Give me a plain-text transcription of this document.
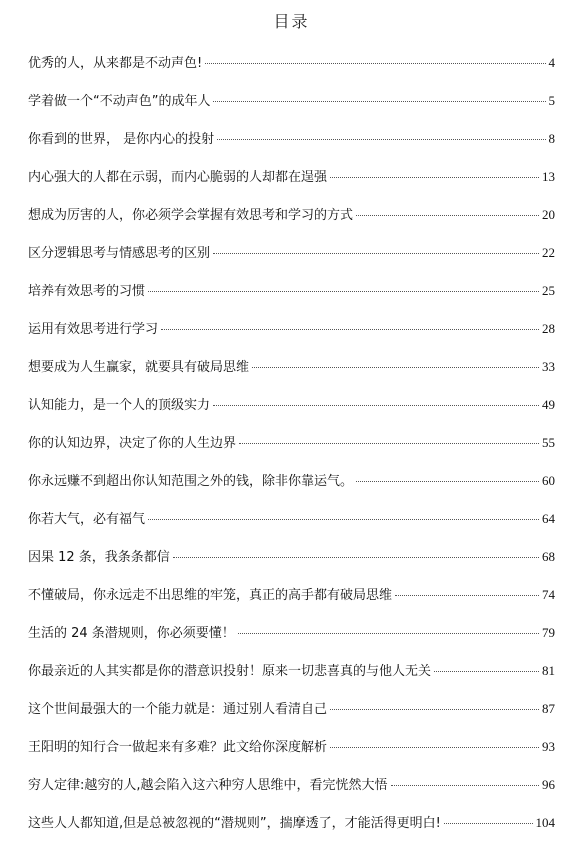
目录
优秀的人，从来都是不动声色!	4
学着做一个“不动声色”的成年人	5
你看到的世界， 是你内心的投射	8
内心强大的人都在示弱，而内心脆弱的人却都在逞强	13
想成为厉害的人，你必须学会掌握有效思考和学习的方式	20
区分逻辑思考与情感思考的区别	22
培养有效思考的习惯	25
运用有效思考进行学习	28
想要成为人生赢家，就要具有破局思维	33
认知能力，是一个人的顶级实力	49
你的认知边界，决定了你的人生边界	55
你永远赚不到超出你认知范围之外的钱，除非你靠运气。	60
你若大气，必有福气	64
因果 12 条，我条条都信	68
不懂破局，你永远走不出思维的牢笼，真正的高手都有破局思维	74
生活的 24 条潜规则，你必须要懂！	79
你最亲近的人其实都是你的潜意识投射！原来一切悲喜真的与他人无关	81
这个世间最强大的一个能力就是：通过别人看清自己	87
王阳明的知行合一做起来有多难？此文给你深度解析	93
穷人定律:越穷的人,越会陷入这六种穷人思维中，看完恍然大悟	96
这些人人都知道,但是总被忽视的“潜规则”，揣摩透了，才能活得更明白!	104
